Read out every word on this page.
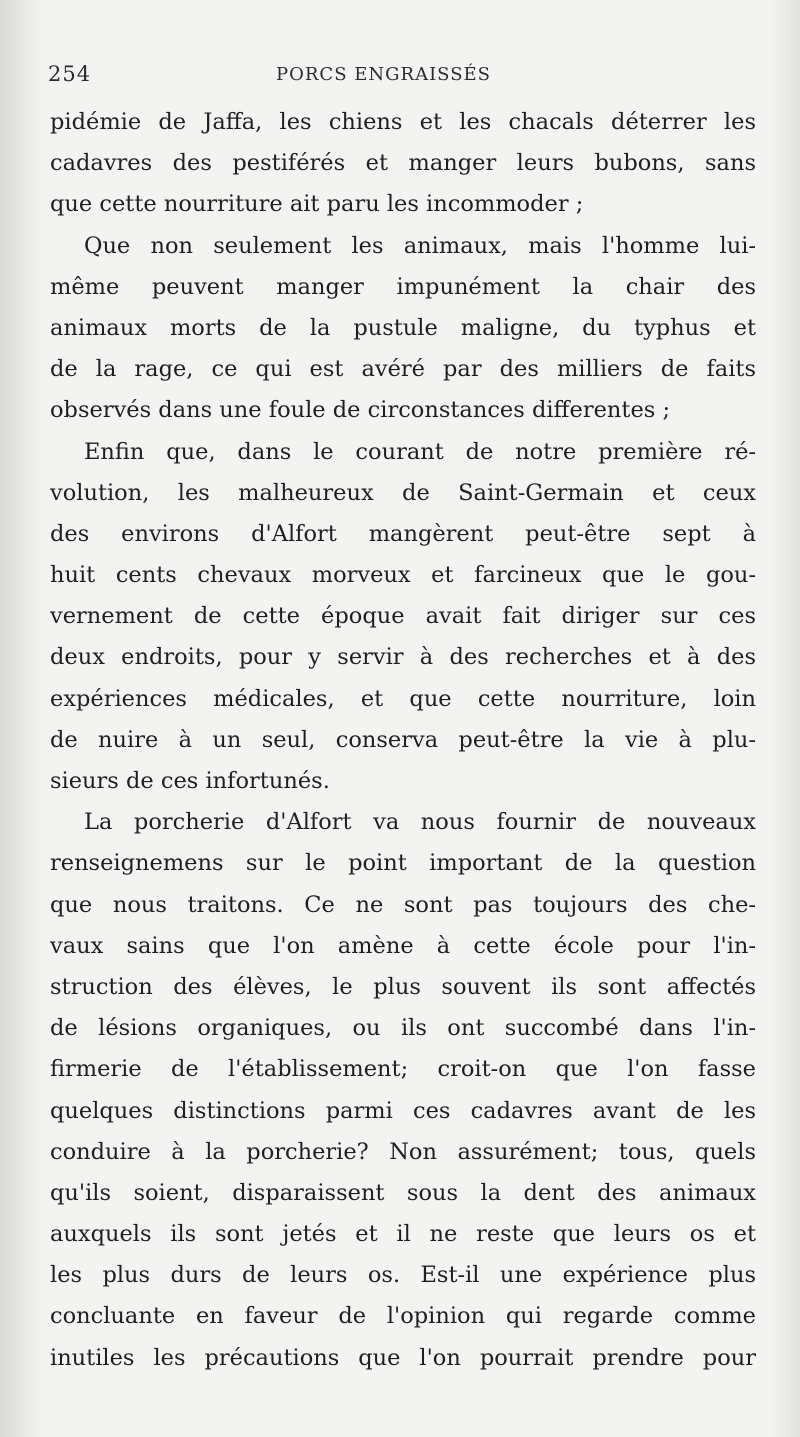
254	PORCS ENGRAISSÉS
pidémie de Jaffa, les chiens et les chacals déterrer les
cadavres des pestiférés et manger leurs bubons, sans
que cette nourriture ait paru les incommoder ;
Que non seulement les animaux, mais l'homme lui-
même peuvent manger impunément la chair des
animaux morts de la pustule maligne, du typhus et
de la rage, ce qui est avéré par des milliers de faits
observés dans une foule de circonstances differentes ;
Enfin que, dans le courant de notre première ré-
volution, les malheureux de Saint-Germain et ceux
des environs d'Alfort mangèrent peut-être sept à
huit cents chevaux morveux et farcineux que le gou-
vernement de cette époque avait fait diriger sur ces
deux endroits, pour y servir à des recherches et à des
expériences médicales, et que cette nourriture, loin
de nuire à un seul, conserva peut-être la vie à plu-
sieurs de ces infortunés.
La porcherie d'Alfort va nous fournir de nouveaux
renseignemens sur le point important de la question
que nous traitons. Ce ne sont pas toujours des che-
vaux sains que l'on amène à cette école pour l'in-
struction des élèves, le plus souvent ils sont affectés
de lésions organiques, ou ils ont succombé dans l'in-
firmerie de l'établissement; croit-on que l'on fasse
quelques distinctions parmi ces cadavres avant de les
conduire à la porcherie? Non assurément; tous, quels
qu'ils soient, disparaissent sous la dent des animaux
auxquels ils sont jetés et il ne reste que leurs os et
les plus durs de leurs os. Est-il une expérience plus
concluante en faveur de l'opinion qui regarde comme
inutiles les précautions que l'on pourrait prendre pour
